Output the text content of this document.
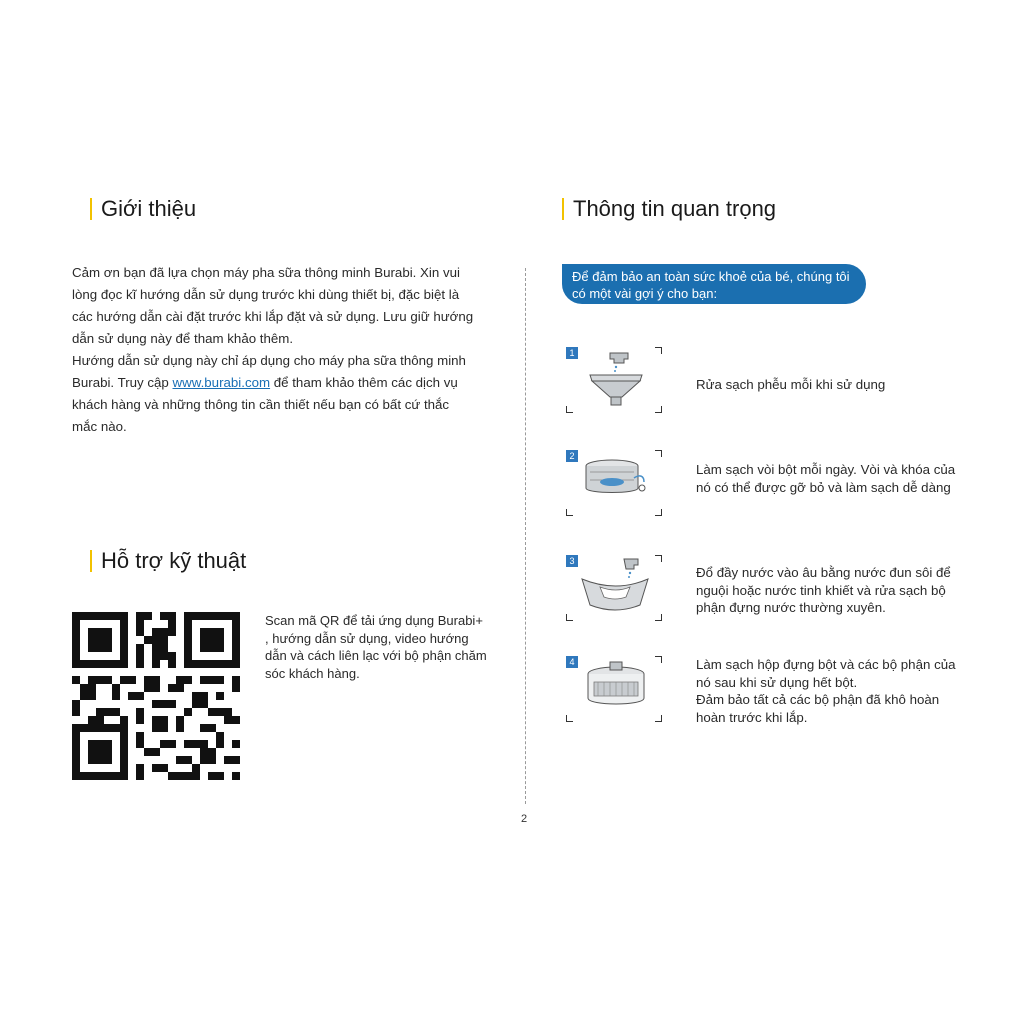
Giới thiệu

Cảm ơn bạn đã lựa chọn máy pha sữa thông minh Burabi. Xin vui lòng đọc kĩ hướng dẫn sử dụng trước khi dùng thiết bị, đặc biệt là các hướng dẫn cài đặt trước khi lắp đặt và sử dụng. Lưu giữ hướng dẫn sử dụng này để tham khảo thêm.

Hướng dẫn sử dụng này chỉ áp dụng cho máy pha sữa thông minh Burabi. Truy cập www.burabi.com để tham khảo thêm các dịch vụ khách hàng và những thông tin cần thiết nếu bạn có bất cứ thắc mắc nào.

Hỗ trợ kỹ thuật
Scan mã QR để tải ứng dụng Burabi+ , hướng dẫn sử dụng, video hướng dẫn và cách liên lạc với bộ phận chăm sóc khách hàng.
2
Thông tin quan trọng
Để đảm bảo an toàn sức khoẻ của bé, chúng tôi có một vài gợi ý cho bạn:
1
Rửa sạch phễu mỗi khi sử dụng
2
Làm sạch vòi bột mỗi ngày. Vòi và khóa của nó có thể được gỡ bỏ và làm sạch dễ dàng
3
Đổ đầy nước vào âu bằng nước đun sôi để nguội hoặc nước tinh khiết và rửa sạch bộ phận đựng nước thường xuyên.
4	Làm sạch hộp đựng bột và các bộ phận của nó sau khi sử dụng hết bột.
Đảm bảo tất cả các bộ phận đã khô hoàn hoàn trước khi lắp.
